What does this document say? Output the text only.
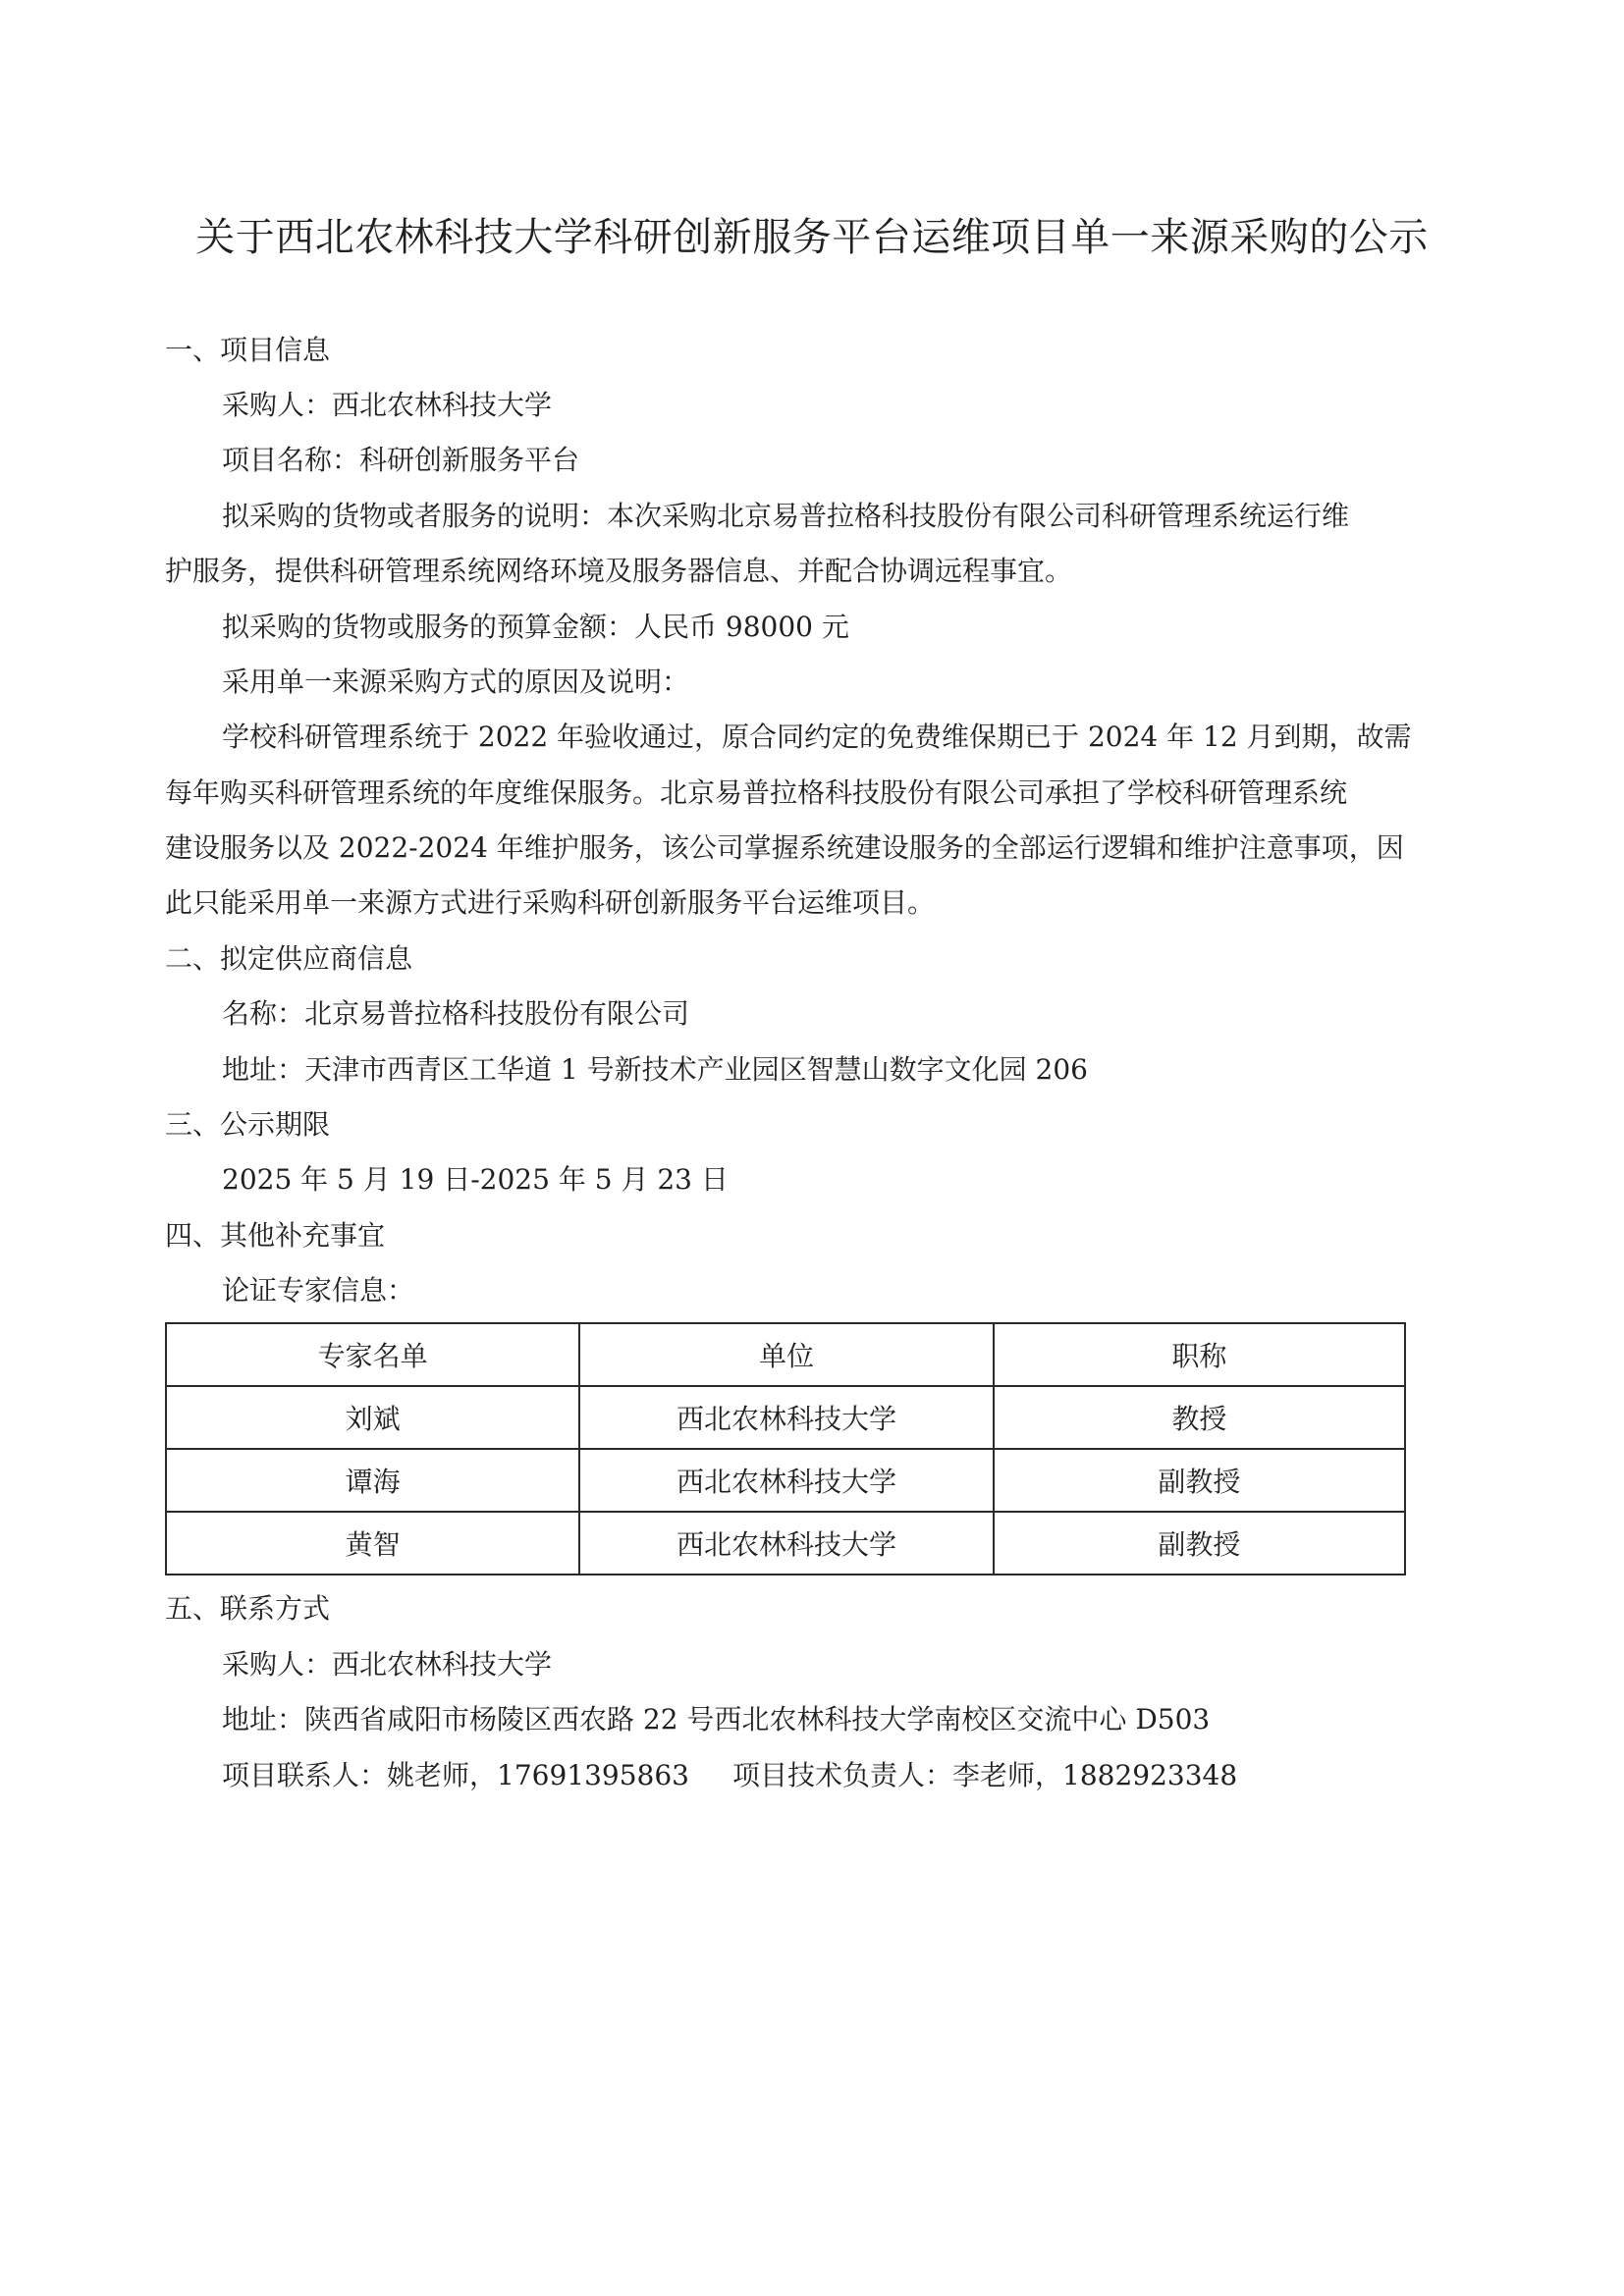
关于西北农林科技大学科研创新服务平台运维项目单一来源采购的公示
一、项目信息
采购人：西北农林科技大学
项目名称：科研创新服务平台
拟采购的货物或者服务的说明：本次采购北京易普拉格科技股份有限公司科研管理系统运行维
护服务，提供科研管理系统网络环境及服务器信息、并配合协调远程事宜。
拟采购的货物或服务的预算金额：人民币 98000 元
采用单一来源采购方式的原因及说明：
学校科研管理系统于 2022 年验收通过，原合同约定的免费维保期已于 2024 年 12 月到期，故需
每年购买科研管理系统的年度维保服务。北京易普拉格科技股份有限公司承担了学校科研管理系统
建设服务以及 2022-2024 年维护服务，该公司掌握系统建设服务的全部运行逻辑和维护注意事项，因
此只能采用单一来源方式进行采购科研创新服务平台运维项目。
二、拟定供应商信息
名称：北京易普拉格科技股份有限公司
地址：天津市西青区工华道 1 号新技术产业园区智慧山数字文化园 206
三、公示期限
2025 年 5 月 19 日-2025 年 5 月 23 日
四、其他补充事宜
论证专家信息：
专家名单	单位	职称
刘斌	西北农林科技大学	教授
谭海	西北农林科技大学	副教授
黄智	西北农林科技大学	副教授
五、联系方式
采购人：西北农林科技大学
地址：陕西省咸阳市杨陵区西农路 22 号西北农林科技大学南校区交流中心 D503
项目联系人：姚老师，17691395863 项目技术负责人：李老师，1882923348
